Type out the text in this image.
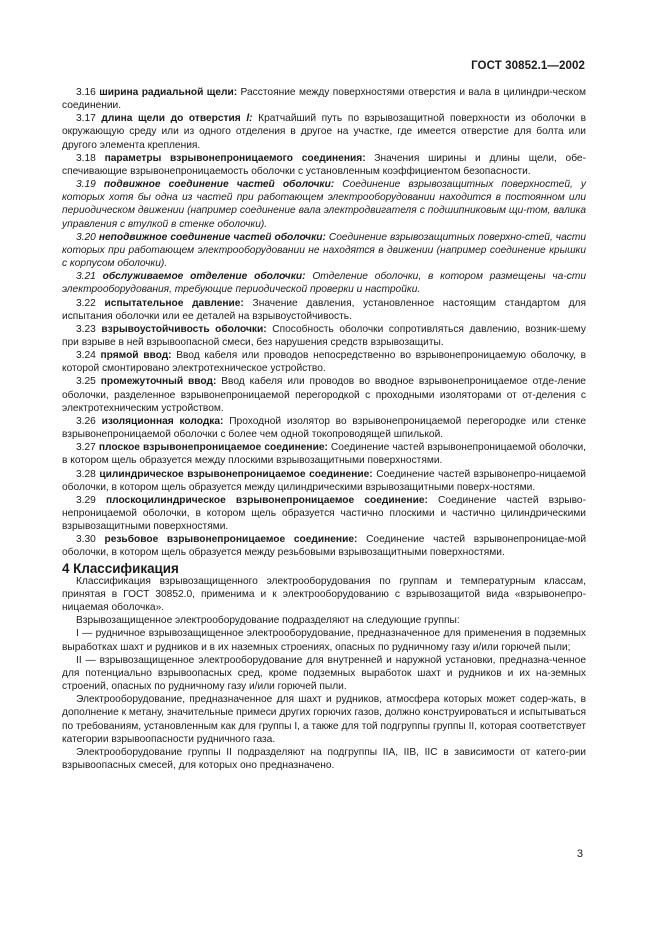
ГОСТ 30852.1—2002

3.16 ширина радиальной щели: Расстояние между поверхностями отверстия и вала в цилиндри-ческом соединении.

3.17 длина щели до отверстия l: Кратчайший путь по взрывозащитной поверхности из оболочки в окружающую среду или из одного отделения в другое на участке, где имеется отверстие для болта или другого элемента крепления.

3.18 параметры взрывонепроницаемого соединения: Значения ширины и длины щели, обе-спечивающие взрывонепроницаемость оболочки с установленным коэффициентом безопасности.

3.19 подвижное соединение частей оболочки: Соединение взрывозащитных поверхностей, у которых хотя бы одна из частей при работающем электрооборудовании находится в постоянном или периодическом движении (например соединение вала электродвигателя с подшипниковым щи-том, валика управления с втулкой в стенке оболочки).

3.20 неподвижное соединение частей оболочки: Соединение взрывозащитных поверхно-стей, части которых при работающем электрооборудовании не находятся в движении (например соединение крышки с корпусом оболочки).

3.21 обслуживаемое отделение оболочки: Отделение оболочки, в котором размещены ча-сти электрооборудования, требующие периодической проверки и настройки.

3.22 испытательное давление: Значение давления, установленное настоящим стандартом для испытания оболочки или ее деталей на взрывоустойчивость.

3.23 взрывоустойчивость оболочки: Способность оболочки сопротивляться давлению, возник-шему при взрыве в ней взрывоопасной смеси, без нарушения средств взрывозащиты.

3.24 прямой ввод: Ввод кабеля или проводов непосредственно во взрывонепроницаемую оболочку, в которой смонтировано электротехническое устройство.

3.25 промежуточный ввод: Ввод кабеля или проводов во вводное взрывонепроницаемое отде-ление оболочки, разделенное взрывонепроницаемой перегородкой с проходными изоляторами от от-деления с электротехническим устройством.

3.26 изоляционная колодка: Проходной изолятор во взрывонепроницаемой перегородке или стенке взрывонепроницаемой оболочки с более чем одной токопроводящей шпилькой.

3.27 плоское взрывонепроницаемое соединение: Соединение частей взрывонепроницаемой оболочки, в котором щель образуется между плоскими взрывозащитными поверхностями.

3.28 цилиндрическое взрывонепроницаемое соединение: Соединение частей взрывонепро-ницаемой оболочки, в котором щель образуется между цилиндрическими взрывозащитными поверх-ностями.

3.29 плоскоцилиндрическое взрывонепроницаемое соединение: Соединение частей взрыво-непроницаемой оболочки, в котором щель образуется частично плоскими и частично цилиндрическими взрывозащитными поверхностями.

3.30 резьбовое взрывонепроницаемое соединение: Соединение частей взрывонепроницае-мой оболочки, в котором щель образуется между резьбовыми взрывозащитными поверхностями.

4 Классификация

Классификация взрывозащищенного электрооборудования по группам и температурным классам, принятая в ГОСТ 30852.0, применима и к электрооборудованию с взрывозащитой вида «взрывонепро-ницаемая оболочка».

Взрывозащищенное электрооборудование подразделяют на следующие группы:

I — рудничное взрывозащищенное электрооборудование, предназначенное для применения в подземных выработках шахт и рудников и в их наземных строениях, опасных по рудничному газу и/или горючей пыли;

II — взрывозащищенное электрооборудование для внутренней и наружной установки, предназна-ченное для потенциально взрывоопасных сред, кроме подземных выработок шахт и рудников и их на-земных строений, опасных по рудничному газу и/или горючей пыли.

Электрооборудование, предназначенное для шахт и рудников, атмосфера которых может содер-жать, в дополнение к метану, значительные примеси других горючих газов, должно конструироваться и испытываться по требованиям, установленным как для группы I, а также для той подгруппы группы II, которая соответствует категории взрывоопасности рудничного газа.

Электрооборудование группы II подразделяют на подгруппы IIA, IIB, IIC в зависимости от катего-рии взрывоопасных смесей, для которых оно предназначено.

3
